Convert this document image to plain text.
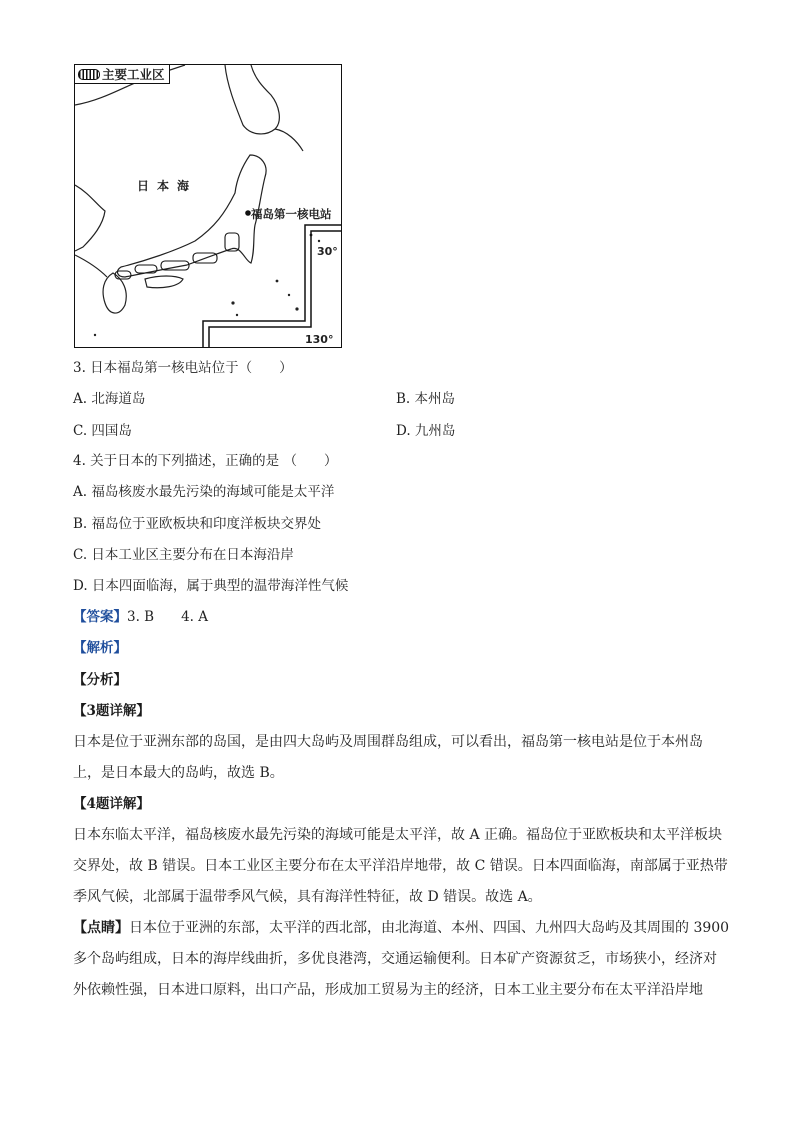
主要工业区
日本海
福岛第一核电站
30°
130°
3. 日本福岛第一核电站位于（　　）
A. 北海道岛	B. 本州岛
C. 四国岛	D. 九州岛
4. 关于日本的下列描述，正确的是 （　　）
A. 福岛核废水最先污染的海域可能是太平洋
B. 福岛位于亚欧板块和印度洋板块交界处
C. 日本工业区主要分布在日本海沿岸
D. 日本四面临海，属于典型的温带海洋性气候
【答案】3. B　　4. A
【解析】
【分析】
【3题详解】
日本是位于亚洲东部的岛国，是由四大岛屿及周围群岛组成，可以看出，福岛第一核电站是位于本州岛
上，是日本最大的岛屿，故选 B。
【4题详解】
日本东临太平洋，福岛核废水最先污染的海域可能是太平洋，故 A 正确。福岛位于亚欧板块和太平洋板块
交界处，故 B 错误。日本工业区主要分布在太平洋沿岸地带，故 C 错误。日本四面临海，南部属于亚热带
季风气候，北部属于温带季风气候，具有海洋性特征，故 D 错误。故选 A。
【点睛】日本位于亚洲的东部，太平洋的西北部，由北海道、本州、四国、九州四大岛屿及其周围的 3900
多个岛屿组成，日本的海岸线曲折，多优良港湾，交通运输便利。日本矿产资源贫乏，市场狭小，经济对
外依赖性强，日本进口原料，出口产品，形成加工贸易为主的经济，日本工业主要分布在太平洋沿岸地
